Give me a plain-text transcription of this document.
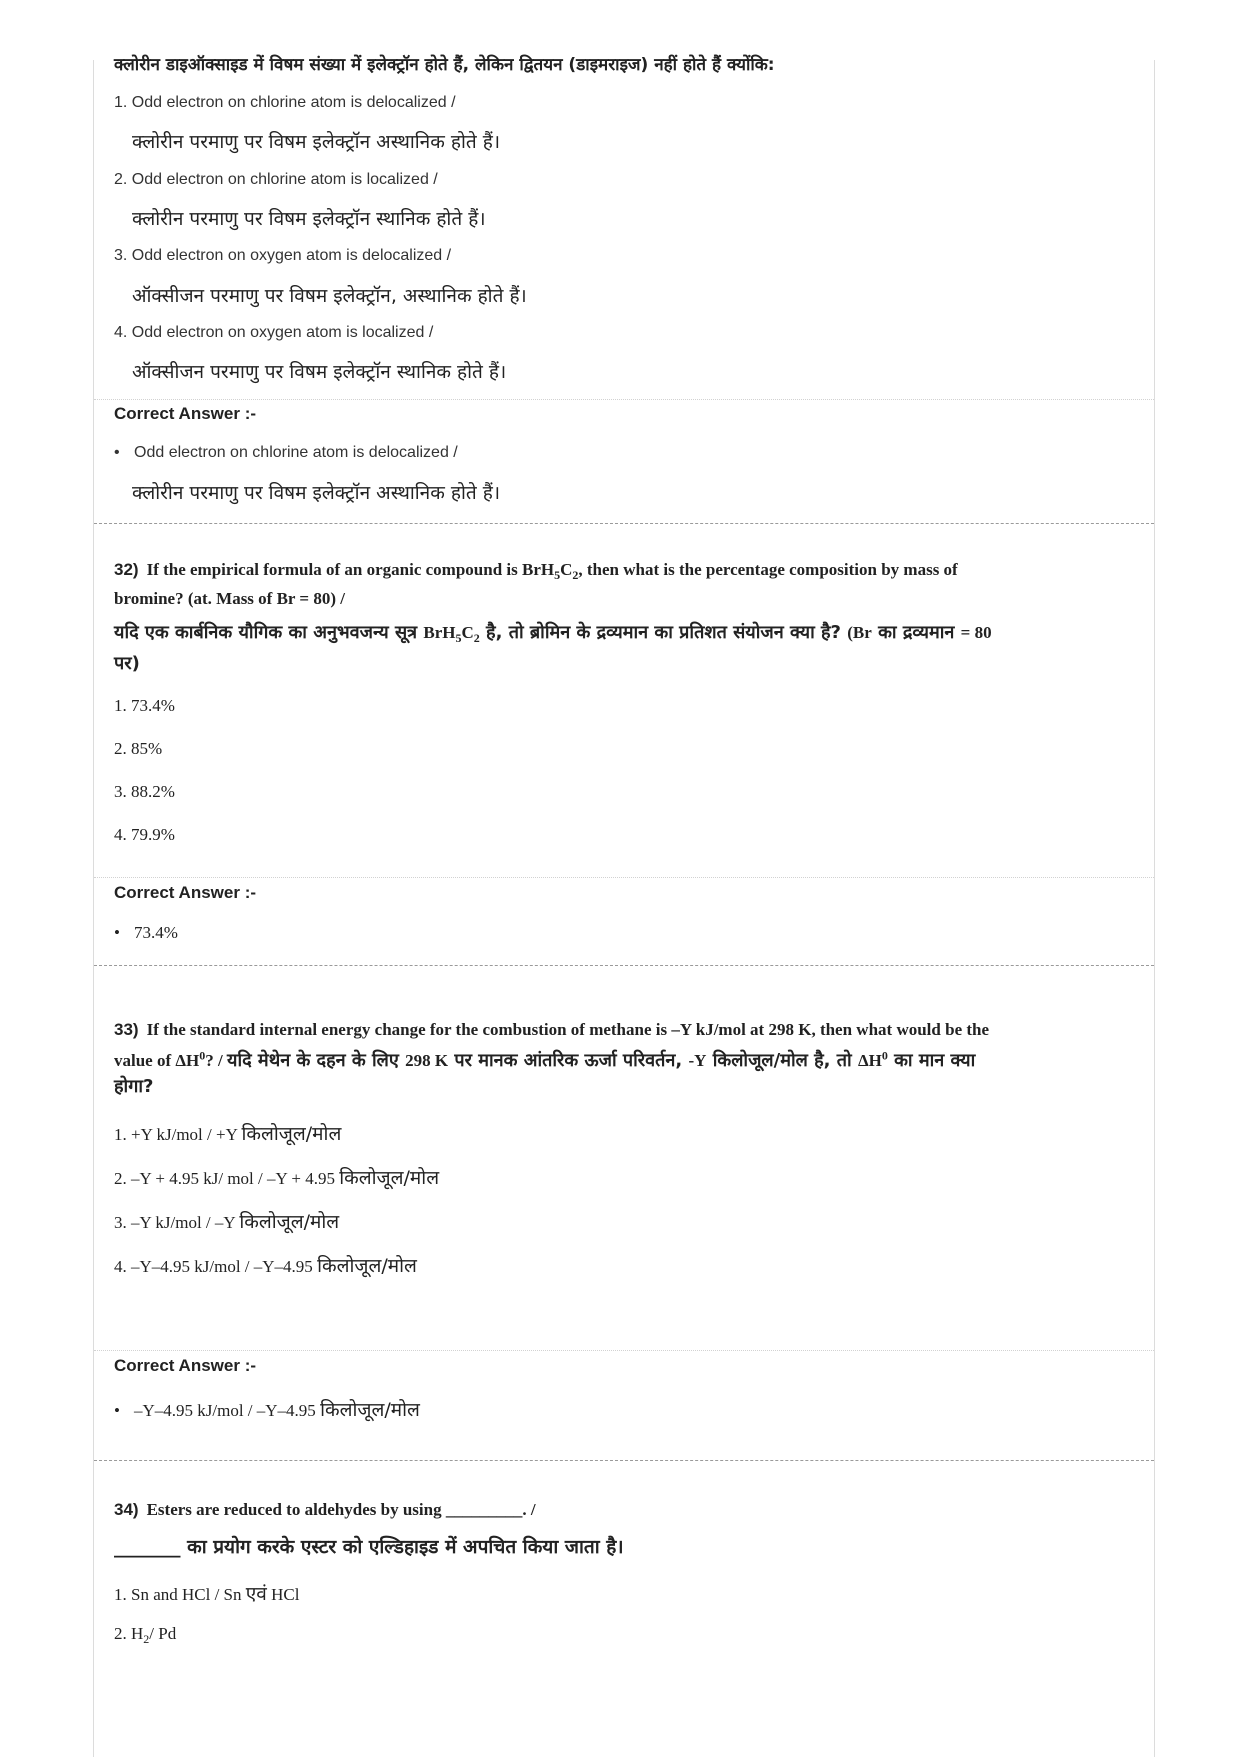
क्लोरीन डाइऑक्साइड में विषम संख्या में इलेक्ट्रॉन होते हैं, लेकिन द्वितयन (डाइमराइज) नहीं होते हैं क्योंकि:
1. Odd electron on chlorine atom is delocalized /
क्लोरीन परमाणु पर विषम इलेक्ट्रॉन अस्थानिक होते हैं।
2. Odd electron on chlorine atom is localized /
क्लोरीन परमाणु पर विषम इलेक्ट्रॉन स्थानिक होते हैं।
3. Odd electron on oxygen atom is delocalized /
ऑक्सीजन परमाणु पर विषम इलेक्ट्रॉन, अस्थानिक होते हैं।
4. Odd electron on oxygen atom is localized /
ऑक्सीजन परमाणु पर विषम इलेक्ट्रॉन स्थानिक होते हैं।
Correct Answer :-
• Odd electron on chlorine atom is delocalized /
क्लोरीन परमाणु पर विषम इलेक्ट्रॉन अस्थानिक होते हैं।
32) If the empirical formula of an organic compound is $BrH_5C_2$, then what is the percentage composition by mass of
bromine? (at. Mass of Br = 80) /
यदि एक कार्बनिक यौगिक का अनुभवजन्य सूत्र $BrH_5C_2$ है, तो ब्रोमिन के द्रव्यमान का प्रतिशत संयोजन क्या है? (Br का द्रव्यमान = 80
पर)
1. 73.4%
2. 85%
3. 88.2%
4. 79.9%
Correct Answer :-
• 73.4%
33) If the standard internal energy change for the combustion of methane is –Y kJ/mol at 298 K, then what would be the
value of $\Delta H^0$? / यदि मेथेन के दहन के लिए 298 K पर मानक आंतरिक ऊर्जा परिवर्तन, -Y किलोजूल/मोल है, तो $\Delta H^0$ का मान क्या
होगा?
1. +Y kJ/mol / +Y किलोजूल/मोल
2. –Y + 4.95 kJ/ mol / –Y + 4.95 किलोजूल/मोल
3. –Y kJ/mol / –Y किलोजूल/मोल
4. –Y–4.95 kJ/mol / –Y–4.95 किलोजूल/मोल
Correct Answer :-
• –Y–4.95 kJ/mol / –Y–4.95 किलोजूल/मोल
34) Esters are reduced to aldehydes by using _________. /
_______ का प्रयोग करके एस्टर को एल्डिहाइड में अपचित किया जाता है।
1. Sn and HCl / Sn एवं HCl
2. $H_2/$ Pd
